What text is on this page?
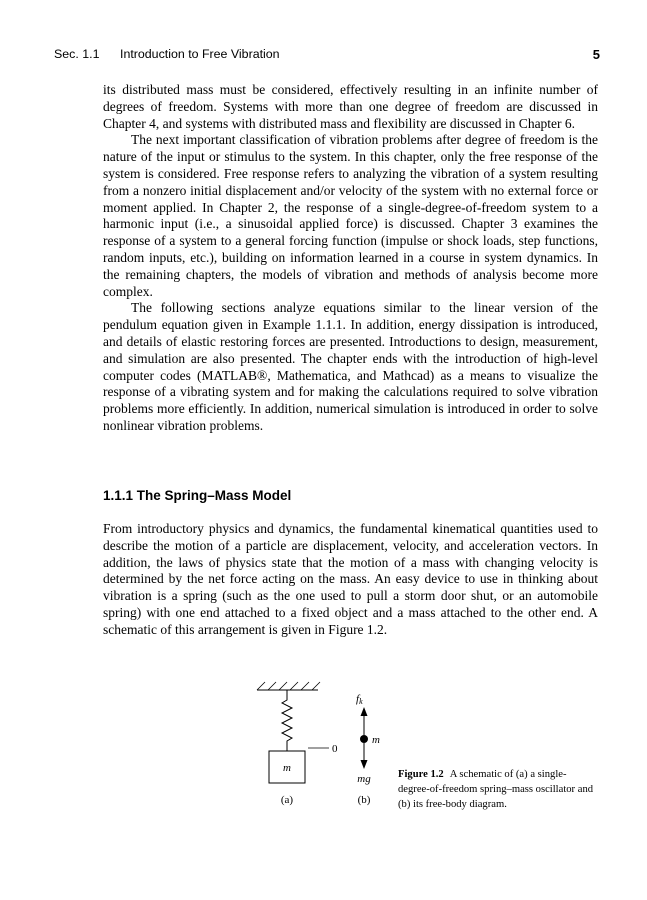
Sec. 1.1 Introduction to Free Vibration	5

its distributed mass must be considered, effectively resulting in an infinite number of degrees of freedom. Systems with more than one degree of freedom are discussed in Chapter 4, and systems with distributed mass and flexibility are discussed in Chapter 6.

The next important classification of vibration problems after degree of freedom is the nature of the input or stimulus to the system. In this chapter, only the free response of the system is considered. Free response refers to analyzing the vibration of a system resulting from a nonzero initial displacement and/or velocity of the system with no external force or moment applied. In Chapter 2, the response of a single-degree-of-freedom system to a harmonic input (i.e., a sinusoidal applied force) is discussed. Chapter 3 examines the response of a system to a general forcing function (impulse or shock loads, step functions, random inputs, etc.), building on information learned in a course in system dynamics. In the remaining chapters, the models of vibration and methods of analysis become more complex.

The following sections analyze equations similar to the linear version of the pendulum equation given in Example 1.1.1. In addition, energy dissipation is introduced, and details of elastic restoring forces are presented. Introductions to design, measurement, and simulation are also presented. The chapter ends with the introduction of high-level computer codes (MATLAB®, Mathematica, and Mathcad) as a means to visualize the response of a vibrating system and for making the calculations required to solve vibration problems more efficiently. In addition, numerical simulation is introduced in order to solve nonlinear vibration problems.

1.1.1 The Spring–Mass Model

From introductory physics and dynamics, the fundamental kinematical quantities used to describe the motion of a particle are displacement, velocity, and acceleration vectors. In addition, the laws of physics state that the motion of a mass with changing velocity is determined by the net force acting on the mass. An easy device to use in thinking about vibration is a spring (such as the one used to pull a storm door shut, or an automobile spring) with one end attached to a fixed object and a mass attached to the other end. A schematic of this arrangement is given in Figure 1.2.

m
0
(a)
fk
m
mg
(b)
Figure 1.2 A schematic of (a) a single-degree-of-freedom spring–mass oscillator and (b) its free-body diagram.
